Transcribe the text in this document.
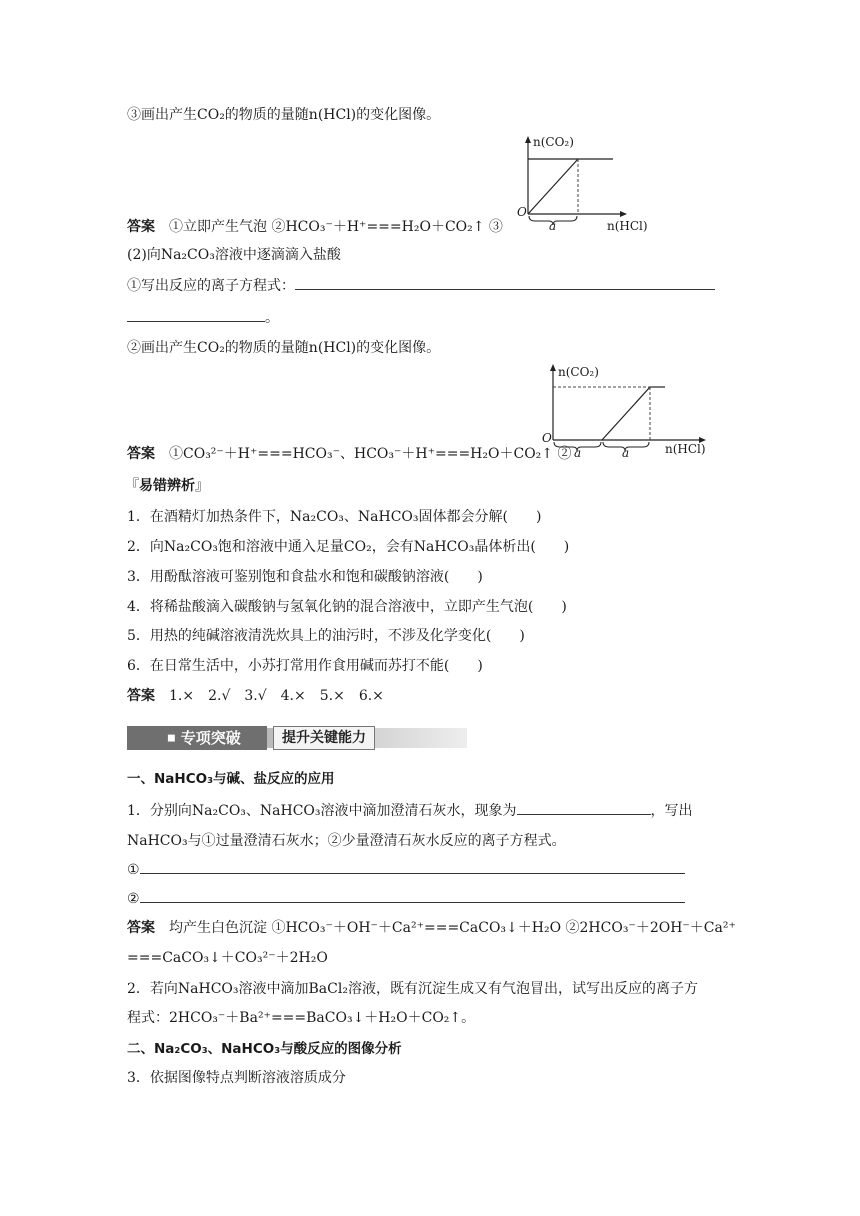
③画出产生CO₂的物质的量随n(HCl)的变化图像。
O
n(CO₂)
n(HCl)
a
答案　 ①立即产生气泡 ②HCO₃⁻＋H⁺===H₂O＋CO₂↑ ③
(2)向Na₂CO₃溶液中逐滴滴入盐酸
①写出反应的离子方程式：
。
②画出产生CO₂的物质的量随n(HCl)的变化图像。
O
n(CO₂)
n(HCl)
a	a
答案　 ①CO₃²⁻＋H⁺===HCO₃⁻、HCO₃⁻＋H⁺===H₂O＋CO₂↑ ②
『易错辨析』
1．在酒精灯加热条件下，Na₂CO₃、NaHCO₃固体都会分解(　　)
2．向Na₂CO₃饱和溶液中通入足量CO₂，会有NaHCO₃晶体析出(　　)
3．用酚酞溶液可鉴别饱和食盐水和饱和碳酸钠溶液(　　)
4．将稀盐酸滴入碳酸钠与氢氧化钠的混合溶液中，立即产生气泡(　　)
5．用热的纯碱溶液清洗炊具上的油污时，不涉及化学变化(　　)
6．在日常生活中，小苏打常用作食用碱而苏打不能(　　)
答案　 1.×　2.√　3.√　4.×　5.×　6.×
■ 专项突破	提升关键能力
一、NaHCO₃与碱、盐反应的应用
1．分别向Na₂CO₃、NaHCO₃溶液中滴加澄清石灰水，现象为	，写出
NaHCO₃与①过量澄清石灰水；②少量澄清石灰水反应的离子方程式。
①
②
答案　 均产生白色沉淀 ①HCO₃⁻＋OH⁻＋Ca²⁺===CaCO₃↓＋H₂O ②2HCO₃⁻＋2OH⁻＋Ca²⁺
===CaCO₃↓＋CO₃²⁻＋2H₂O
2．若向NaHCO₃溶液中滴加BaCl₂溶液，既有沉淀生成又有气泡冒出，试写出反应的离子方
程式：2HCO₃⁻＋Ba²⁺===BaCO₃↓＋H₂O＋CO₂↑。
二、Na₂CO₃、NaHCO₃与酸反应的图像分析
3．依据图像特点判断溶液溶质成分
